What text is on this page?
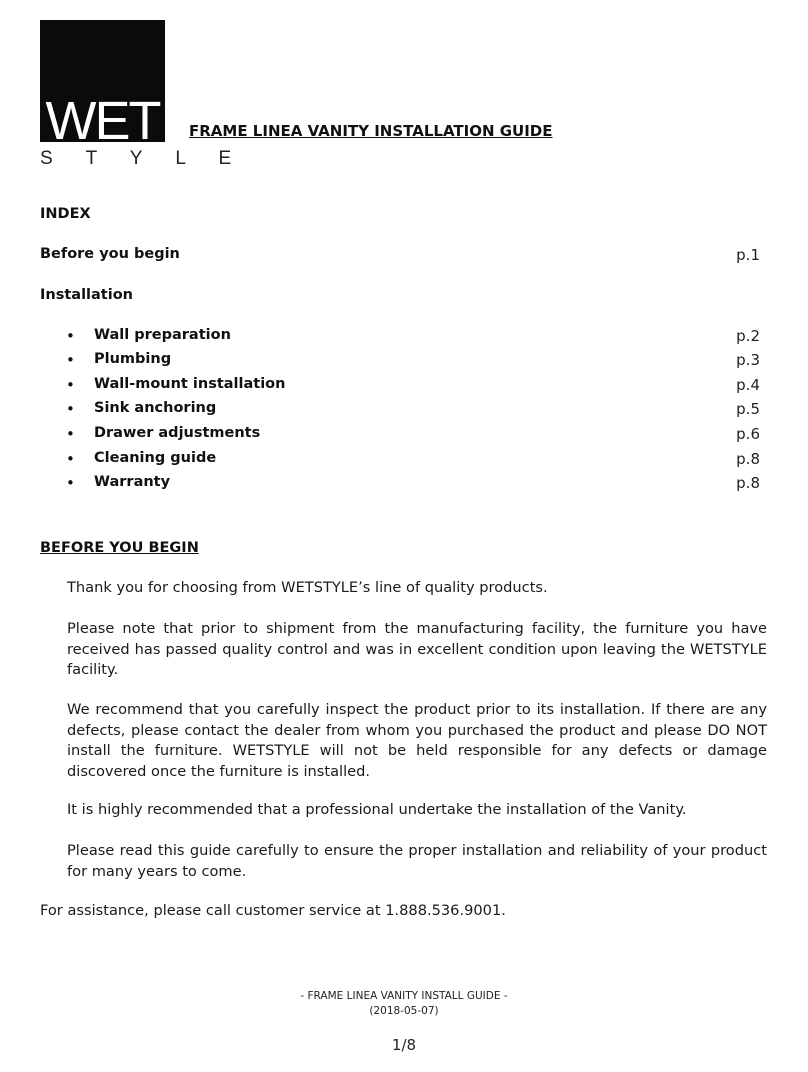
WET
S T Y L E
FRAME LINEA VANITY INSTALLATION GUIDE
INDEX
Before you begin	p.1
Installation
• Wall preparation	p.2
• Plumbing	p.3
• Wall-mount installation	p.4
• Sink anchoring	p.5
• Drawer adjustments	p.6
• Cleaning guide	p.8
• Warranty	p.8
BEFORE YOU BEGIN
Thank you for choosing from WETSTYLE’s line of quality products.
Please note that prior to shipment from the manufacturing facility, the furniture you have received has passed quality control and was in excellent condition upon leaving the WETSTYLE facility.
We recommend that you carefully inspect the product prior to its installation. If there are any defects, please contact the dealer from whom you purchased the product and please DO NOT install the furniture. WETSTYLE will not be held responsible for any defects or damage discovered once the furniture is installed.
It is highly recommended that a professional undertake the installation of the Vanity.
Please read this guide carefully to ensure the proper installation and reliability of your product for many years to come.
For assistance, please call customer service at 1.888.536.9001.
- FRAME LINEA VANITY INSTALL GUIDE -
(2018-05-07)
1/8
